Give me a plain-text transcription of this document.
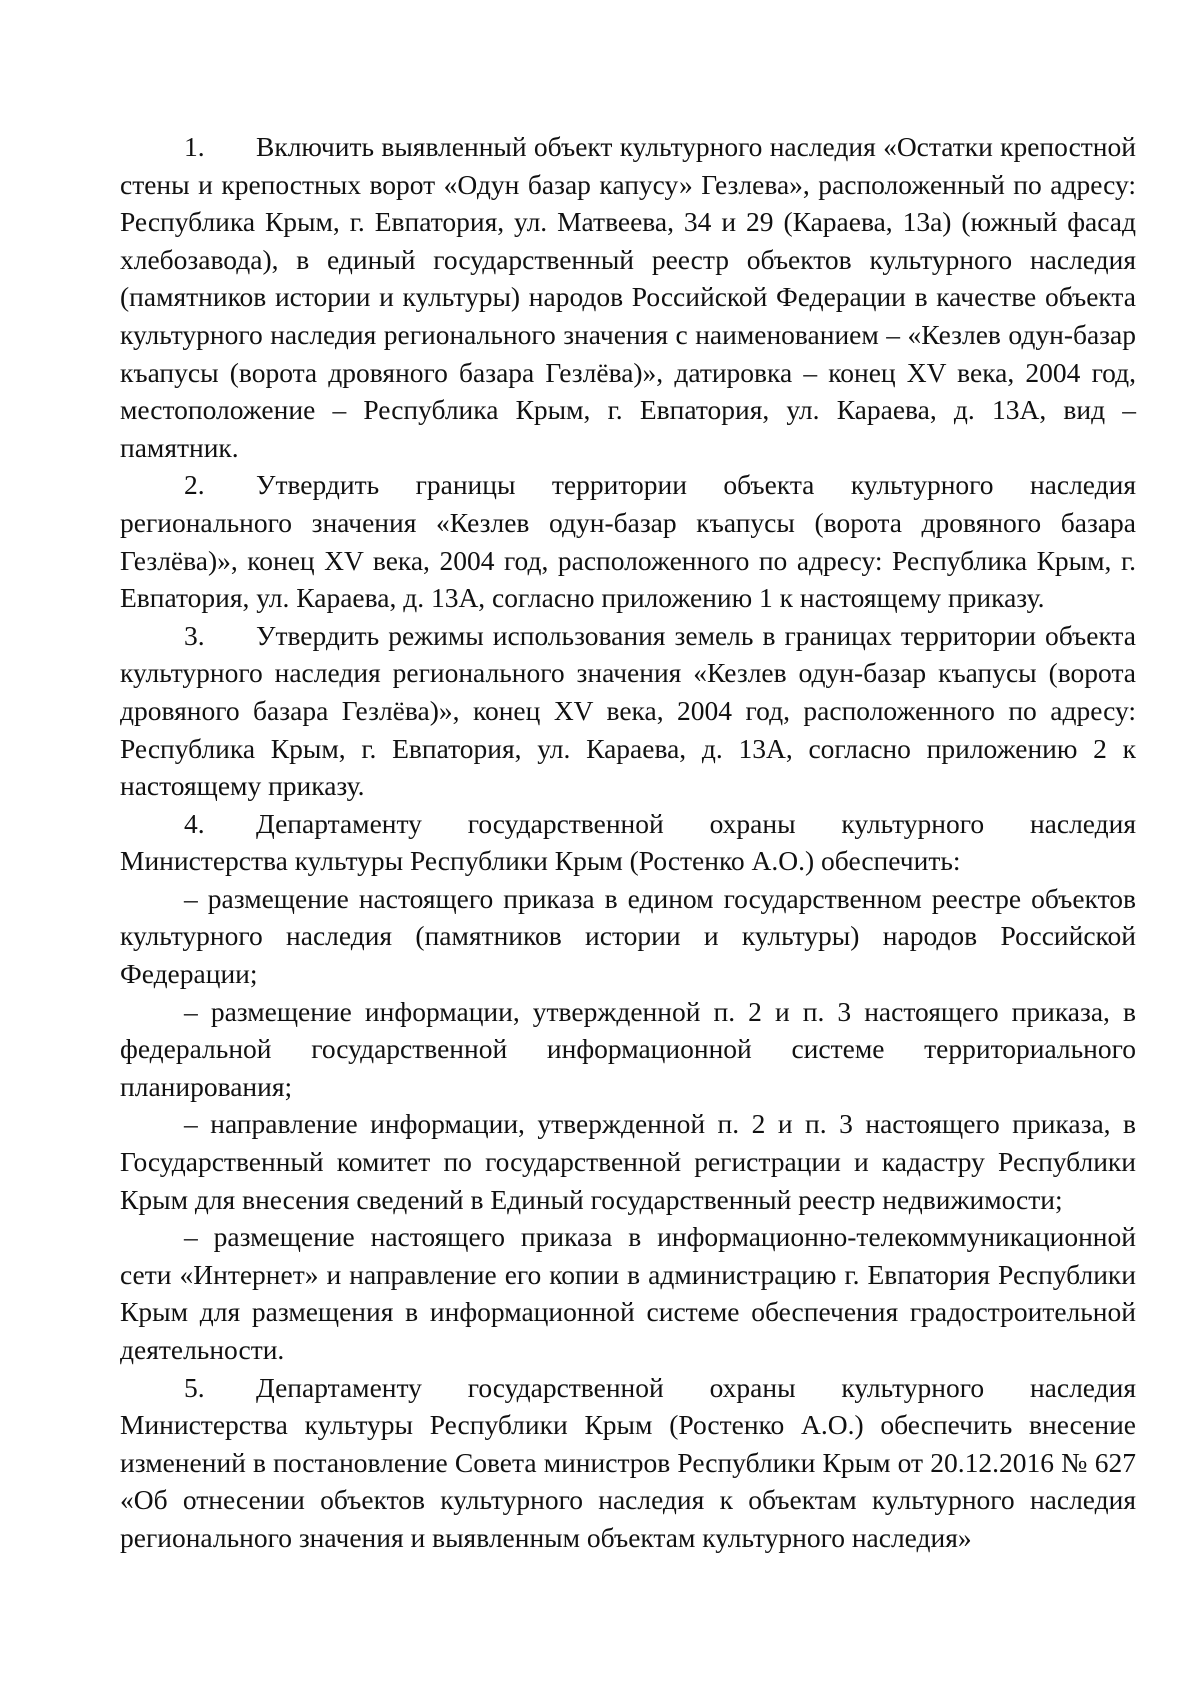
1. Включить выявленный объект культурного наследия «Остатки крепостной стены и крепостных ворот «Одун базар капусу» Гезлева», расположенный по адресу: Республика Крым, г. Евпатория, ул. Матвеева, 34 и 29 (Караева, 13а) (южный фасад хлебозавода), в единый государственный реестр объектов культурного наследия (памятников истории и культуры) народов Российской Федерации в качестве объекта культурного наследия регионального значения с наименованием – «Кезлев одун-базар къапусы (ворота дровяного базара Гезлёва)», датировка – конец XV века, 2004 год, местоположение – Республика Крым, г. Евпатория, ул. Караева, д. 13А, вид – памятник.

2. Утвердить границы территории объекта культурного наследия регионального значения «Кезлев одун-базар къапусы (ворота дровяного базара Гезлёва)», конец XV века, 2004 год, расположенного по адресу: Республика Крым, г. Евпатория, ул. Караева, д. 13А, согласно приложению 1 к настоящему приказу.

3. Утвердить режимы использования земель в границах территории объекта культурного наследия регионального значения «Кезлев одун-базар къапусы (ворота дровяного базара Гезлёва)», конец XV века, 2004 год, расположенного по адресу: Республика Крым, г. Евпатория, ул. Караева, д. 13А, согласно приложению 2 к настоящему приказу.

4. Департаменту государственной охраны культурного наследия Министерства культуры Республики Крым (Ростенко А.О.) обеспечить:

– размещение настоящего приказа в едином государственном реестре объектов культурного наследия (памятников истории и культуры) народов Российской Федерации;

– размещение информации, утвержденной п. 2 и п. 3 настоящего приказа, в федеральной государственной информационной системе территориального планирования;

– направление информации, утвержденной п. 2 и п. 3 настоящего приказа, в Государственный комитет по государственной регистрации и кадастру Республики Крым для внесения сведений в Единый государственный реестр недвижимости;

– размещение настоящего приказа в информационно-телекоммуникационной сети «Интернет» и направление его копии в администрацию г. Евпатория Республики Крым для размещения в информационной системе обеспечения градостроительной деятельности.

5. Департаменту государственной охраны культурного наследия Министерства культуры Республики Крым (Ростенко А.О.) обеспечить внесение изменений в постановление Совета министров Республики Крым от 20.12.2016 № 627 «Об отнесении объектов культурного наследия к объектам культурного наследия регионального значения и выявленным объектам культурного наследия»
